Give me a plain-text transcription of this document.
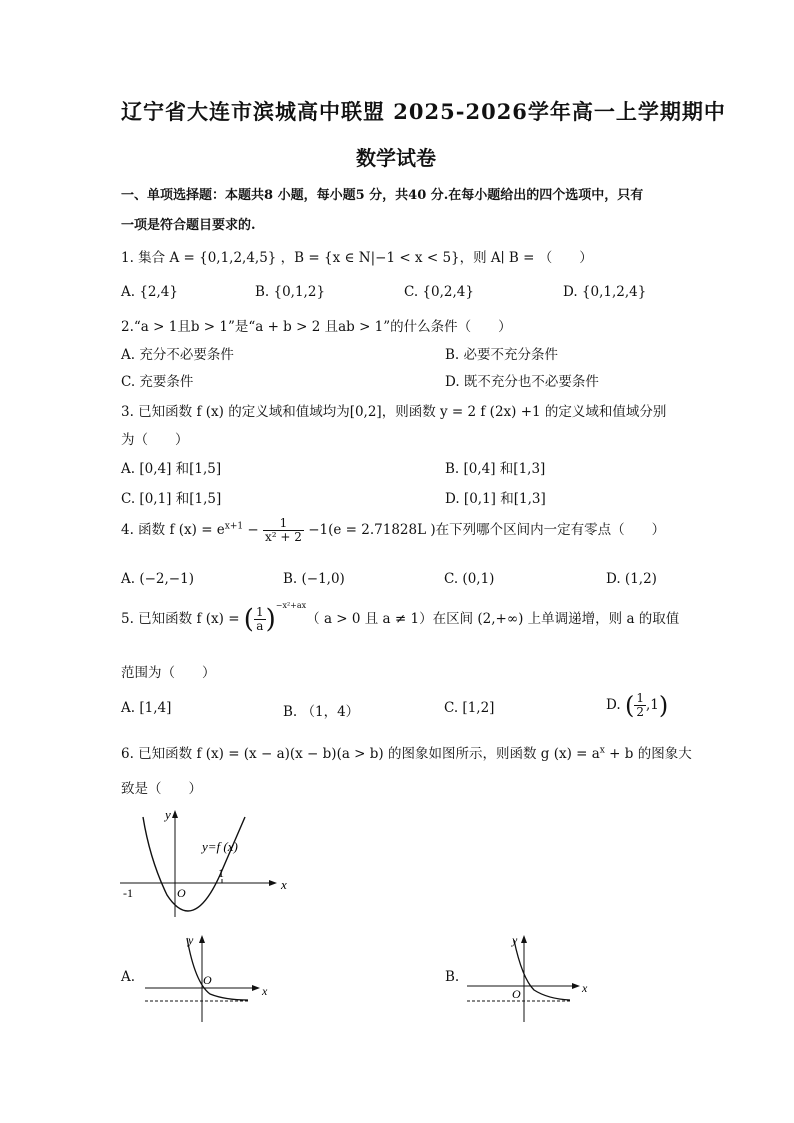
辽宁省大连市滨城高中联盟 2025-2026学年高一上学期期中
数学试卷
一、单项选择题：本题共8 小题，每小题5 分，共40 分.在每小题给出的四个选项中，只有
一项是符合题目要求的.
1. 集合 A = {0,1,2,4,5} ，B = {x ∈ N|−1 < x < 5}，则 A∣ B = （　　）
A. {2,4}	B. {0,1,2}	C. {0,2,4}	D. {0,1,2,4}
2.“a > 1且b > 1”是“a + b > 2 且ab > 1”的什么条件（　　）
A. 充分不必要条件	B. 必要不充分条件
C. 充要条件	D. 既不充分也不必要条件
3. 已知函数 f (x) 的定义域和值域均为[0,2]，则函数 y = 2 f (2x) +1 的定义域和值域分别
为（　　）
A. [0,4] 和[1,5]	B. [0,4] 和[1,3]
C. [0,1] 和[1,5]	D. [0,1] 和[1,3]
4. 函数 f $(x) = e^{x+1} - \frac{1}{\text{x² + 2}} -1(e = 2.71828L$ )在下列哪个区间内一定有零点（　　）
A. (−2,−1)	B. (−1,0)	C. (0,1)	D. (1,2)
5. 已知函数 f (x) = ( $\frac{1}{a} )^{-x^2+ax}$（ a > 0 且 a ≠ 1）在区间 (2,+∞) 上单调递增，则 a 的取值
范围为（　　）
A. [1,4]	B. （1，4）	C. [1,2]	D. ( $\frac{1}{2} ,1$)
6. 已知函数 f (x) = (x − a)(x − b)(a > b) 的图象如图所示，则函数 g $(x) = a^x + b$ 的图象大
致是（　　）
x
y
O
-1
1
y=f (x)
A.
x
y
O	B.
x
y
O
